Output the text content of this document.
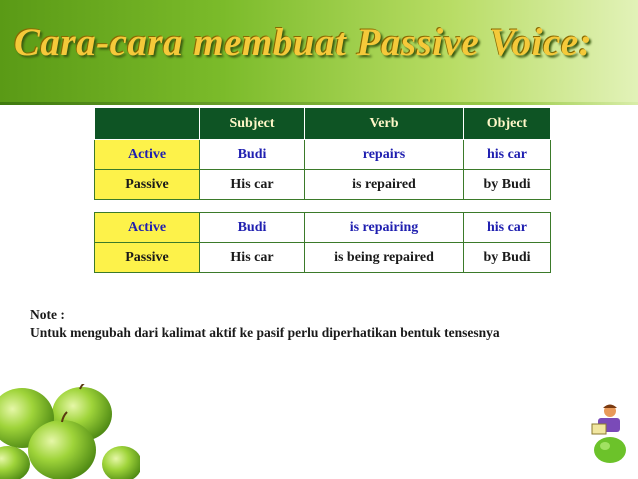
Cara-cara membuat Passive Voice:
	Subject	Verb	Object
Active	Budi	repairs	his car
Passive	His car	is repaired	by Budi
Active	Budi	is repairing	his car
Passive	His car	is being repaired	by Budi
Note :
Untuk mengubah dari kalimat aktif ke pasif perlu diperhatikan bentuk tensesnya
